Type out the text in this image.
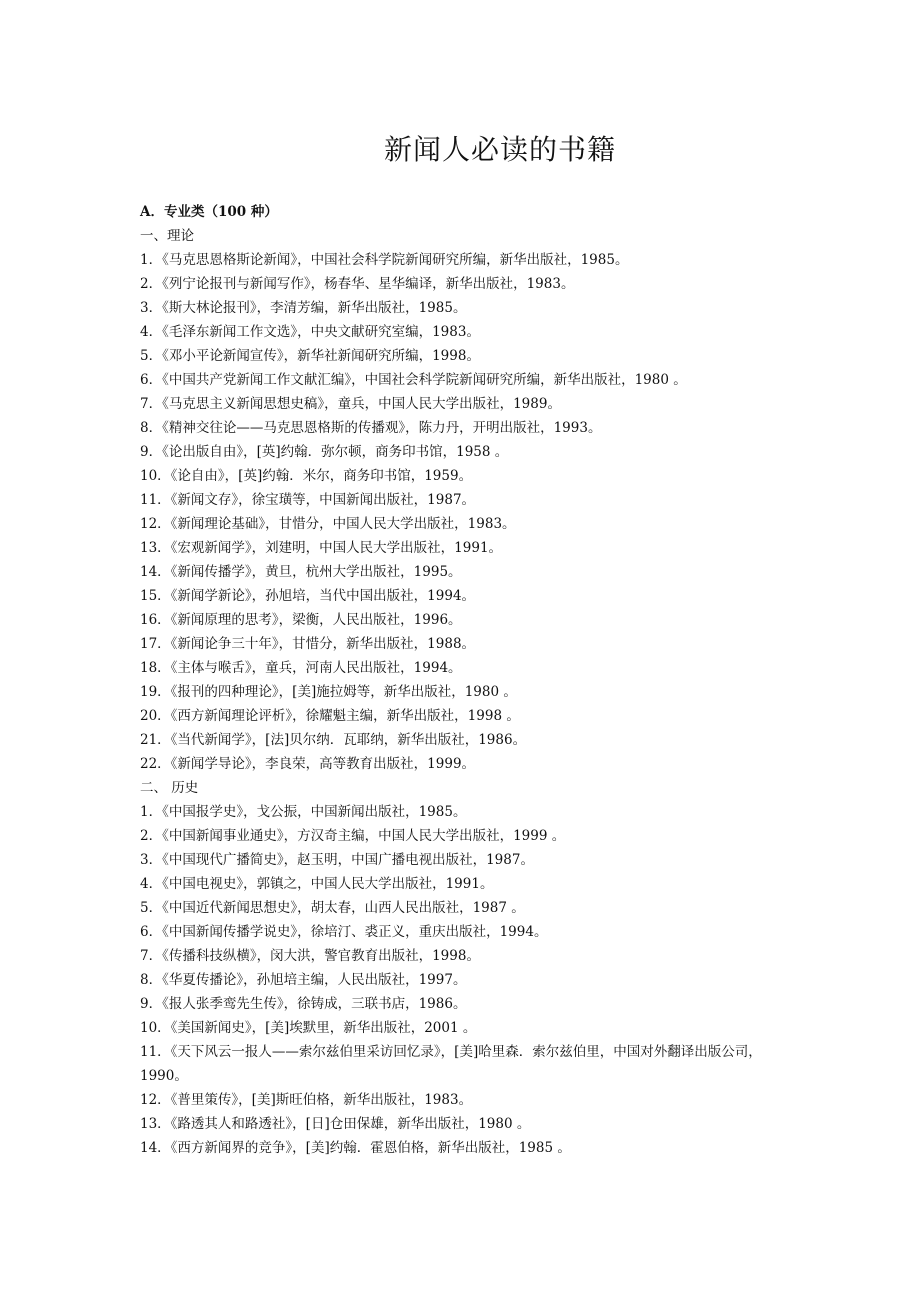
新闻人必读的书籍
A．专业类（100 种）
一、理论
1．《马克思恩格斯论新闻》，中国社会科学院新闻研究所编，新华出版社，1985。
2．《列宁论报刊与新闻写作》，杨春华、星华编译，新华出版社，1983。
3．《斯大林论报刊》，李清芳编，新华出版社，1985。
4．《毛泽东新闻工作文选》，中央文献研究室编，1983。
5．《邓小平论新闻宣传》，新华社新闻研究所编，1998。
6．《中国共产党新闻工作文献汇编》，中国社会科学院新闻研究所编，新华出版社，1980 。
7．《马克思主义新闻思想史稿》，童兵，中国人民大学出版社，1989。
8．《精神交往论——马克思恩格斯的传播观》，陈力丹，开明出版社，1993。
9．《论出版自由》，[英]约翰．弥尔顿，商务印书馆，1958 。
10．《论自由》，[英]约翰．米尔，商务印书馆，1959。
11．《新闻文存》，徐宝璜等，中国新闻出版社，1987。
12．《新闻理论基础》，甘惜分，中国人民大学出版社，1983。
13．《宏观新闻学》，刘建明，中国人民大学出版社，1991。
14．《新闻传播学》，黄旦，杭州大学出版社，1995。
15．《新闻学新论》，孙旭培，当代中国出版社，1994。
16．《新闻原理的思考》，梁衡，人民出版社，1996。
17．《新闻论争三十年》，甘惜分，新华出版社，1988。
18．《主体与喉舌》，童兵，河南人民出版社，1994。
19．《报刊的四种理论》，[美]施拉姆等，新华出版社，1980 。
20．《西方新闻理论评析》，徐耀魁主编，新华出版社，1998 。
21．《当代新闻学》，[法]贝尔纳．瓦耶纳，新华出版社，1986。
22．《新闻学导论》，李良荣，高等教育出版社，1999。
二、 历史
1．《中国报学史》，戈公振，中国新闻出版社，1985。
2．《中国新闻事业通史》，方汉奇主编，中国人民大学出版社，1999 。
3．《中国现代广播简史》，赵玉明，中国广播电视出版社，1987。
4．《中国电视史》，郭镇之，中国人民大学出版社，1991。
5．《中国近代新闻思想史》，胡太春，山西人民出版社，1987 。
6．《中国新闻传播学说史》，徐培汀、裘正义，重庆出版社，1994。
7．《传播科技纵横》，闵大洪，警官教育出版社，1998。
8．《华夏传播论》，孙旭培主编，人民出版社，1997。
9．《报人张季鸾先生传》，徐铸成，三联书店，1986。
10．《美国新闻史》，[美]埃默里，新华出版社，2001 。
11．《天下风云一报人——索尔兹伯里采访回忆录》，[美]哈里森．索尔兹伯里，中国对外翻译出版公司，1990。
12．《普里策传》，[美]斯旺伯格，新华出版社，1983。
13．《路透其人和路透社》，[日]仓田保雄，新华出版社，1980 。
14．《西方新闻界的竞争》，[美]约翰．霍恩伯格，新华出版社，1985 。
